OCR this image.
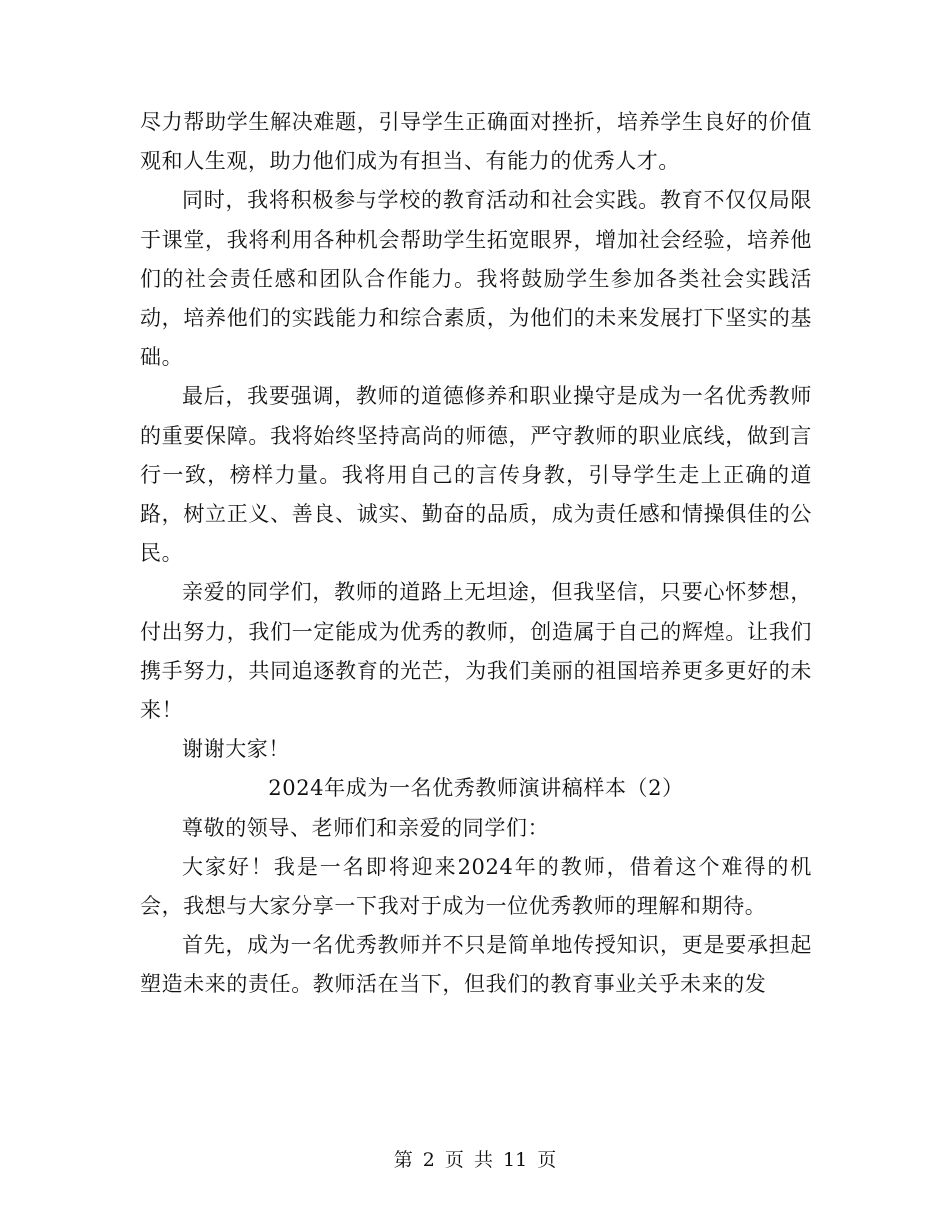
尽力帮助学生解决难题，引导学生正确面对挫折，培养学生良好的价值观和人生观，助力他们成为有担当、有能力的优秀人才。

同时，我将积极参与学校的教育活动和社会实践。教育不仅仅局限于课堂，我将利用各种机会帮助学生拓宽眼界，增加社会经验，培养他们的社会责任感和团队合作能力。我将鼓励学生参加各类社会实践活动，培养他们的实践能力和综合素质，为他们的未来发展打下坚实的基础。

最后，我要强调，教师的道德修养和职业操守是成为一名优秀教师的重要保障。我将始终坚持高尚的师德，严守教师的职业底线，做到言行一致，榜样力量。我将用自己的言传身教，引导学生走上正确的道路，树立正义、善良、诚实、勤奋的品质，成为责任感和情操俱佳的公民。

亲爱的同学们，教师的道路上无坦途，但我坚信，只要心怀梦想，付出努力，我们一定能成为优秀的教师，创造属于自己的辉煌。让我们携手努力，共同追逐教育的光芒，为我们美丽的祖国培养更多更好的未来！

谢谢大家！

2024年成为一名优秀教师演讲稿样本（2）

尊敬的领导、老师们和亲爱的同学们：

大家好！我是一名即将迎来2024年的教师，借着这个难得的机会，我想与大家分享一下我对于成为一位优秀教师的理解和期待。

首先，成为一名优秀教师并不只是简单地传授知识，更是要承担起塑造未来的责任。教师活在当下，但我们的教育事业关乎未来的发

第 2 页 共 11 页
